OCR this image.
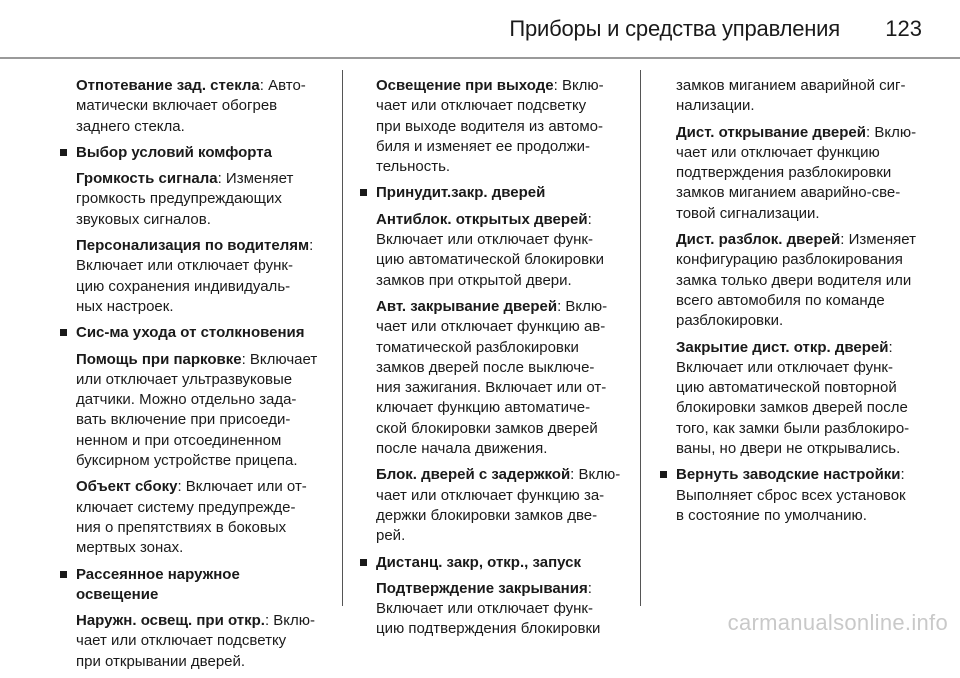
Приборы и средства управления 123

Отпотевание зад. стекла: Авто-
матически включает обогрев
заднего стекла.

Выбор условий комфорта

Громкость сигнала: Изменяет
громкость предупреждающих
звуковых сигналов.

Персонализация по водителям:
Включает или отключает функ-
цию сохранения индивидуаль-
ных настроек.

Сис-ма ухода от столкновения

Помощь при парковке: Включает
или отключает ультразвуковые
датчики. Можно отдельно зада-
вать включение при присоеди-
ненном и при отсоединенном
буксирном устройстве прицепа.

Объект сбоку: Включает или от-
ключает систему предупрежде-
ния о препятствиях в боковых
мертвых зонах.

Рассеянное наружное
освещение

Наружн. освещ. при откр.: Вклю-
чает или отключает подсветку
при открывании дверей.

Освещение при выходе: Вклю-
чает или отключает подсветку
при выходе водителя из автомо-
биля и изменяет ее продолжи-
тельность.

Принудит.закр. дверей

Антиблок. открытых дверей:
Включает или отключает функ-
цию автоматической блокировки
замков при открытой двери.

Авт. закрывание дверей: Вклю-
чает или отключает функцию ав-
томатической разблокировки
замков дверей после выключе-
ния зажигания. Включает или от-
ключает функцию автоматиче-
ской блокировки замков дверей
после начала движения.

Блок. дверей с задержкой: Вклю-
чает или отключает функцию за-
держки блокировки замков две-
рей.

Дистанц. закр, откр., запуск

Подтверждение закрывания:
Включает или отключает функ-
цию подтверждения блокировки

замков миганием аварийной сиг-
нализации.

Дист. открывание дверей: Вклю-
чает или отключает функцию
подтверждения разблокировки
замков миганием аварийно-све-
товой сигнализации.

Дист. разблок. дверей: Изменяет
конфигурацию разблокирования
замка только двери водителя или
всего автомобиля по команде
разблокировки.

Закрытие дист. откр. дверей:
Включает или отключает функ-
цию автоматической повторной
блокировки замков дверей после
того, как замки были разблокиро-
ваны, но двери не открывались.

Вернуть заводские настройки:
Выполняет сброс всех установок
в состояние по умолчанию.
carmanualsonline.info
